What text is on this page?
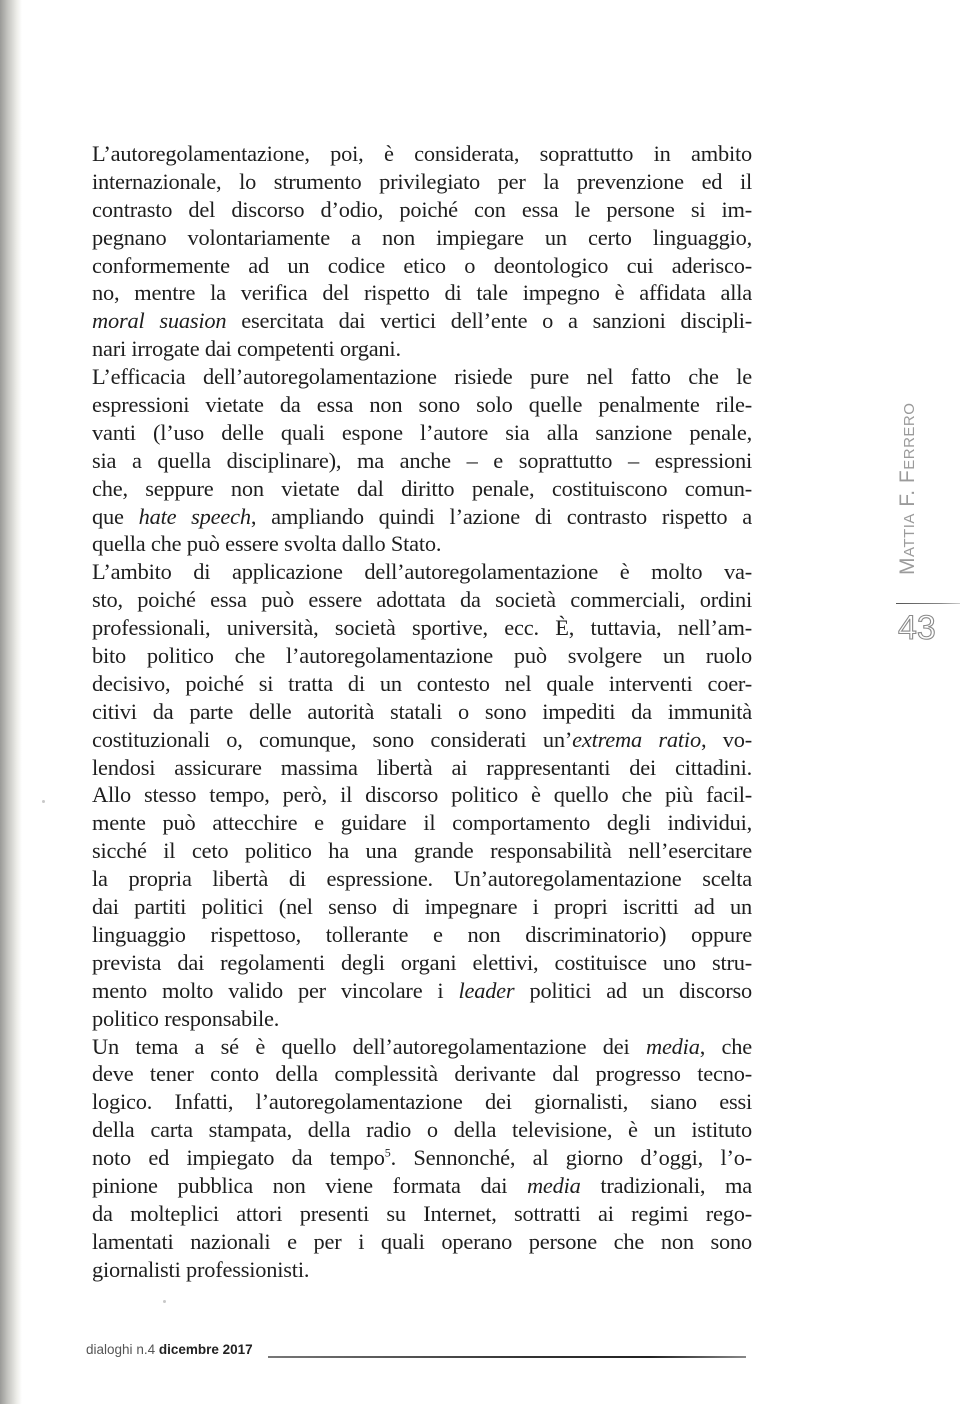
L’autoregolamentazione, poi, è considerata, soprattutto in ambito
internazionale, lo strumento privilegiato per la prevenzione ed il
contrasto del discorso d’odio, poiché con essa le persone si im-
pegnano volontariamente a non impiegare un certo linguaggio,
conformemente ad un codice etico o deontologico cui aderisco-
no, mentre la verifica del rispetto di tale impegno è affidata alla
moral suasion esercitata dai vertici dell’ente o a sanzioni discipli-
nari irrogate dai competenti organi.

L’efficacia dell’autoregolamentazione risiede pure nel fatto che le
espressioni vietate da essa non sono solo quelle penalmente rile-
vanti (l’uso delle quali espone l’autore sia alla sanzione penale,
sia a quella disciplinare), ma anche – e soprattutto – espressioni
che, seppure non vietate dal diritto penale, costituiscono comun-
que hate speech, ampliando quindi l’azione di contrasto rispetto a
quella che può essere svolta dallo Stato.

L’ambito di applicazione dell’autoregolamentazione è molto va-
sto, poiché essa può essere adottata da società commerciali, ordini
professionali, università, società sportive, ecc. È, tuttavia, nell’am-
bito politico che l’autoregolamentazione può svolgere un ruolo
decisivo, poiché si tratta di un contesto nel quale interventi coer-
citivi da parte delle autorità statali o sono impediti da immunità
costituzionali o, comunque, sono considerati un’extrema ratio, vo-
lendosi assicurare massima libertà ai rappresentanti dei cittadini.
Allo stesso tempo, però, il discorso politico è quello che più facil-
mente può attecchire e guidare il comportamento degli individui,
sicché il ceto politico ha una grande responsabilità nell’esercitare
la propria libertà di espressione. Un’autoregolamentazione scelta
dai partiti politici (nel senso di impegnare i propri iscritti ad un
linguaggio rispettoso, tollerante e non discriminatorio) oppure
prevista dai regolamenti degli organi elettivi, costituisce uno stru-
mento molto valido per vincolare i leader politici ad un discorso
politico responsabile.

Un tema a sé è quello dell’autoregolamentazione dei media, che
deve tener conto della complessità derivante dal progresso tecno-
logico. Infatti, l’autoregolamentazione dei giornalisti, siano essi
della carta stampata, della radio o della televisione, è un istituto
noto ed impiegato da tempo$^5$. Sennonché, al giorno d’oggi, l’o-
pinione pubblica non viene formata dai media tradizionali, ma
da molteplici attori presenti su Internet, sottratti ai regimi rego-
lamentati nazionali e per i quali operano persone che non sono
giornalisti professionisti.

MATTIA F. FERRERO
43
dialoghi n.4 dicembre 2017
